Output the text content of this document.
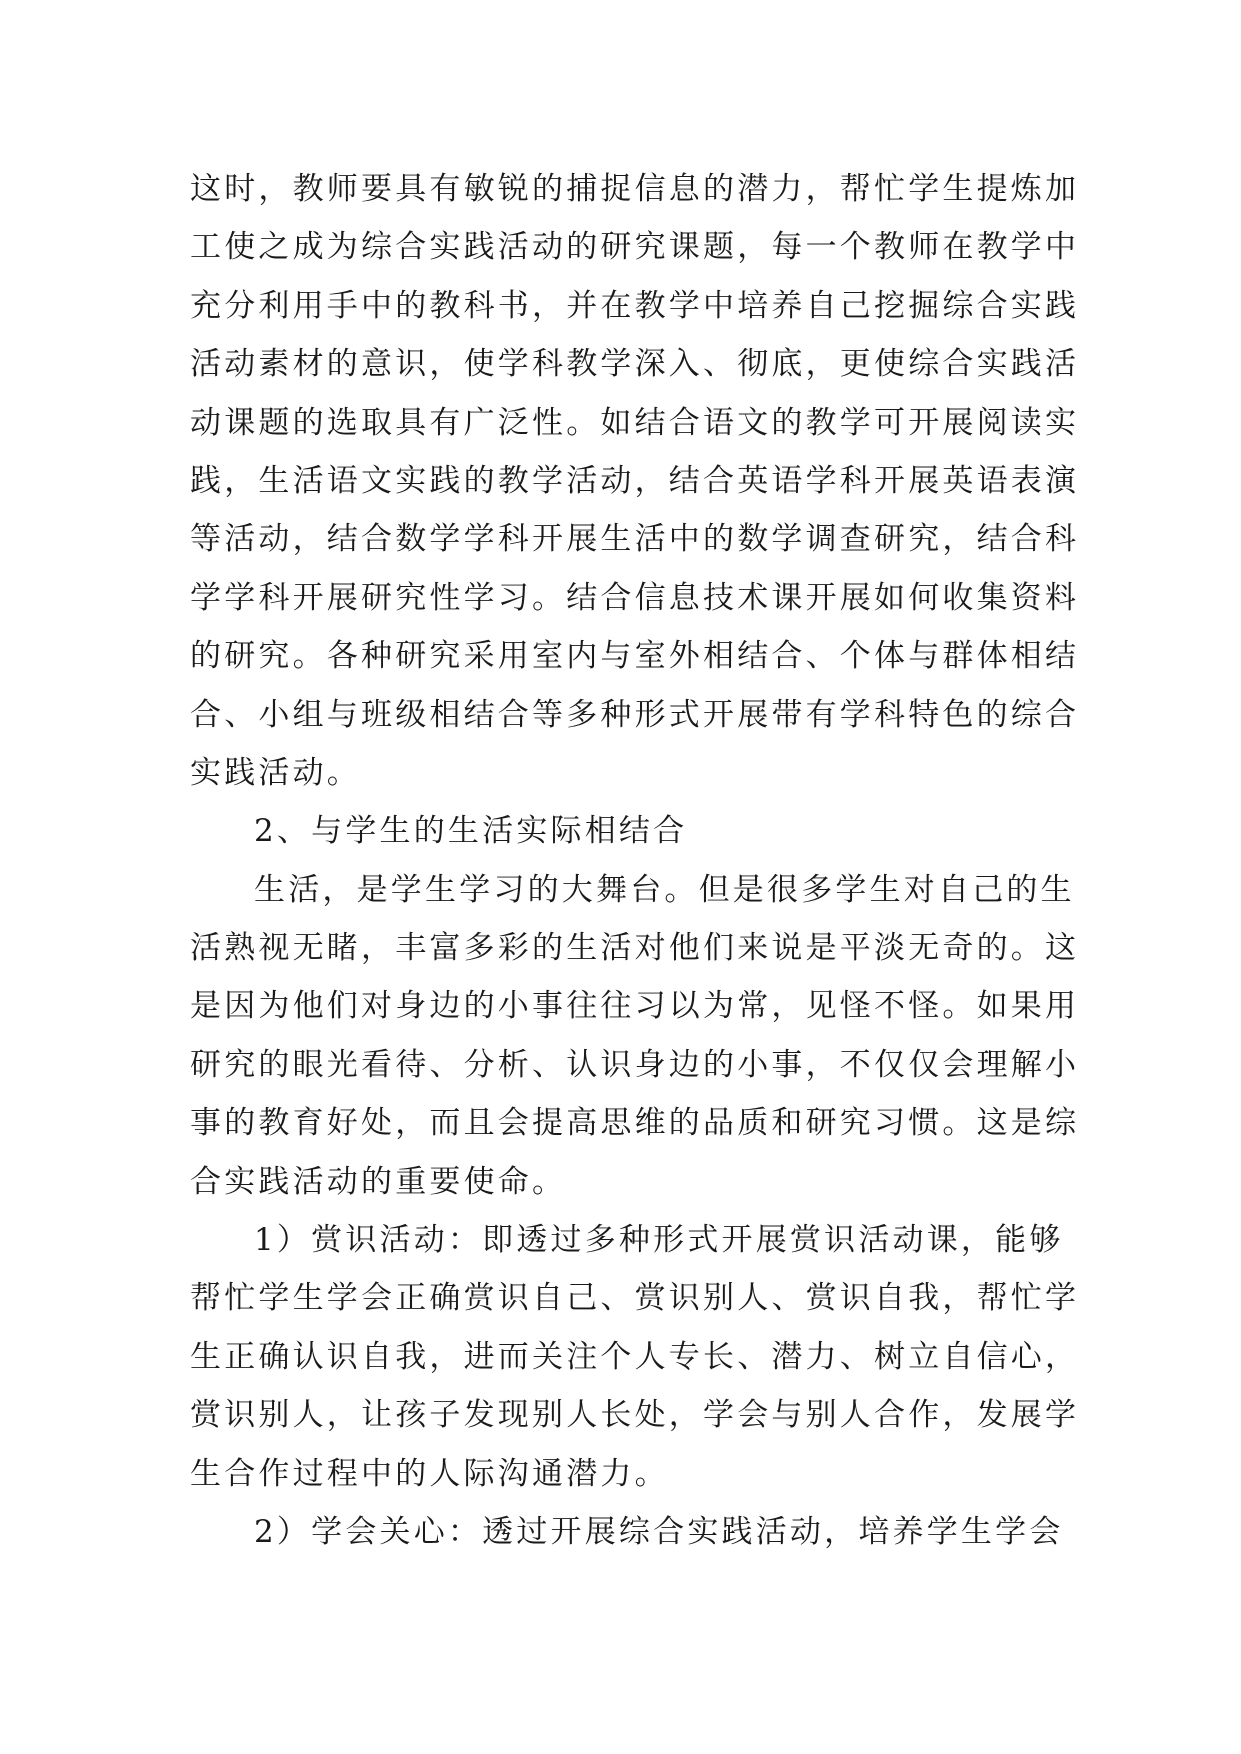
这时，教师要具有敏锐的捕捉信息的潜力，帮忙学生提炼加
工使之成为综合实践活动的研究课题，每一个教师在教学中
充分利用手中的教科书，并在教学中培养自己挖掘综合实践
活动素材的意识，使学科教学深入、彻底，更使综合实践活
动课题的选取具有广泛性。如结合语文的教学可开展阅读实
践，生活语文实践的教学活动，结合英语学科开展英语表演
等活动，结合数学学科开展生活中的数学调查研究，结合科
学学科开展研究性学习。结合信息技术课开展如何收集资料
的研究。各种研究采用室内与室外相结合、个体与群体相结
合、小组与班级相结合等多种形式开展带有学科特色的综合
实践活动。
2、与学生的生活实际相结合
生活，是学生学习的大舞台。但是很多学生对自己的生
活熟视无睹，丰富多彩的生活对他们来说是平淡无奇的。这
是因为他们对身边的小事往往习以为常，见怪不怪。如果用
研究的眼光看待、分析、认识身边的小事，不仅仅会理解小
事的教育好处，而且会提高思维的品质和研究习惯。这是综
合实践活动的重要使命。
1）赏识活动：即透过多种形式开展赏识活动课，能够
帮忙学生学会正确赏识自己、赏识别人、赏识自我，帮忙学
生正确认识自我，进而关注个人专长、潜力、树立自信心，
赏识别人，让孩子发现别人长处，学会与别人合作，发展学
生合作过程中的人际沟通潜力。
2）学会关心：透过开展综合实践活动，培养学生学会
